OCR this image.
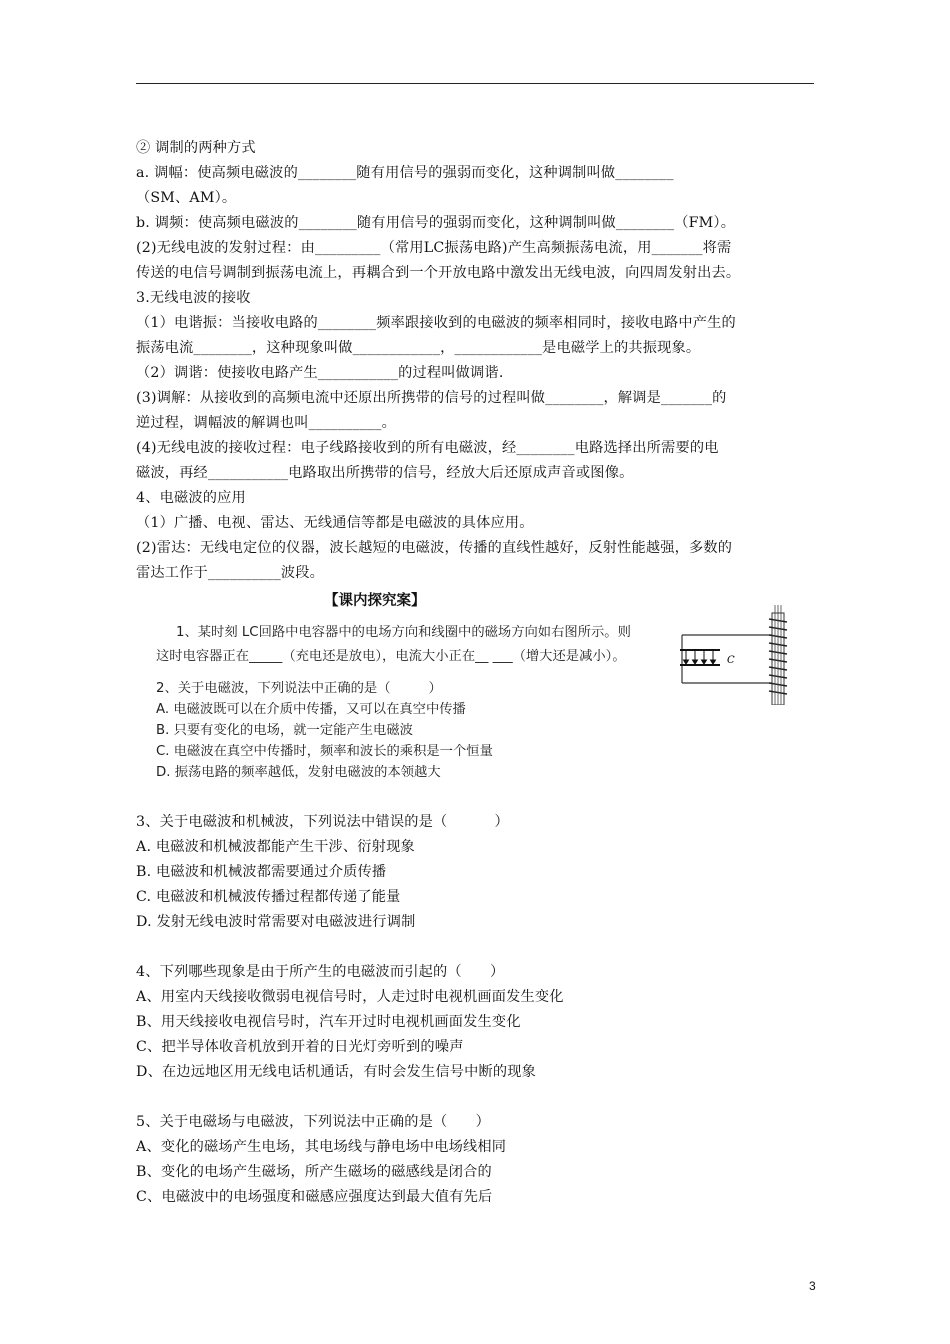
② 调制的两种方式
a. 调幅：使高频电磁波的________随有用信号的强弱而变化，这种调制叫做________
（SM、AM）。
b. 调频：使高频电磁波的________随有用信号的强弱而变化，这种调制叫做________（FM）。
(2)无线电波的发射过程：由_________（常用LC振荡电路)产生高频振荡电流，用_______将需
传送的电信号调制到振荡电流上，再耦合到一个开放电路中激发出无线电波，向四周发射出去。
3.无线电波的接收
（1）电谐振：当接收电路的________频率跟接收到的电磁波的频率相同时，接收电路中产生的
振荡电流________，这种现象叫做____________，____________是电磁学上的共振现象。
（2）调谐：使接收电路产生___________的过程叫做调谐.
(3)调解：从接收到的高频电流中还原出所携带的信号的过程叫做________，解调是_______的
逆过程，调幅波的解调也叫__________。
(4)无线电波的接收过程：电子线路接收到的所有电磁波，经________电路选择出所需要的电
磁波，再经___________电路取出所携带的信号，经放大后还原成声音或图像。
4、电磁波的应用
（1）广播、电视、雷达、无线通信等都是电磁波的具体应用。
(2)雷达：无线电定位的仪器，波长越短的电磁波，传播的直线性越好，反射性能越强，多数的
雷达工作于__________波段。
【课内探究案】
1、某时刻 LC回路中电容器中的电场方向和线圈中的磁场方向如右图所示。则
这时电容器正在_____（充电还是放电），电流大小正在__ ___（增大还是减小）。
2、关于电磁波，下列说法中正确的是（         ）
A. 电磁波既可以在介质中传播，又可以在真空中传播
B. 只要有变化的电场，就一定能产生电磁波
C. 电磁波在真空中传播时，频率和波长的乘积是一个恒量
D. 振荡电路的频率越低，发射电磁波的本领越大
C
3、关于电磁波和机械波，下列说法中错误的是（          ）
A. 电磁波和机械波都能产生干涉、衍射现象
B. 电磁波和机械波都需要通过介质传播
C. 电磁波和机械波传播过程都传递了能量
D. 发射无线电波时常需要对电磁波进行调制
4、下列哪些现象是由于所产生的电磁波而引起的（      ）
A、用室内天线接收微弱电视信号时，人走过时电视机画面发生变化
B、用天线接收电视信号时，汽车开过时电视机画面发生变化
C、把半导体收音机放到开着的日光灯旁听到的噪声
D、在边远地区用无线电话机通话，有时会发生信号中断的现象
5、关于电磁场与电磁波，下列说法中正确的是（      ）
A、变化的磁场产生电场，其电场线与静电场中电场线相同
B、变化的电场产生磁场，所产生磁场的磁感线是闭合的
C、电磁波中的电场强度和磁感应强度达到最大值有先后
3
